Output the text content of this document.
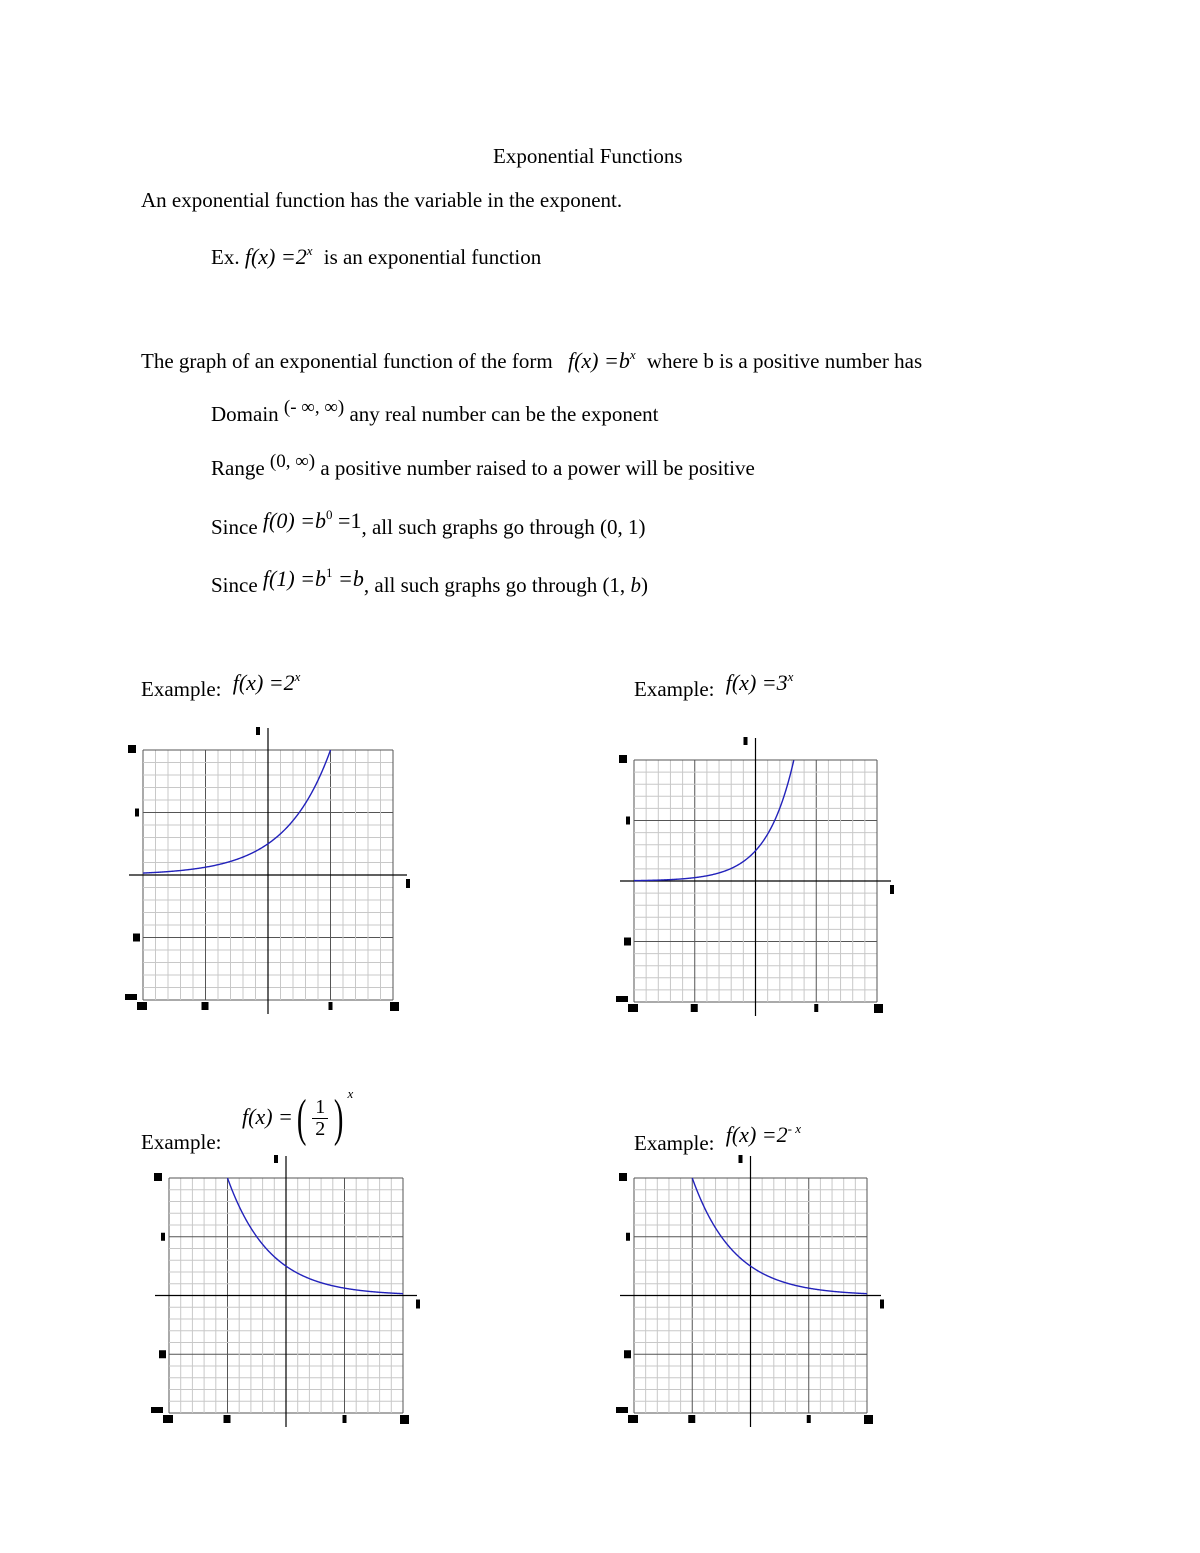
Exponential Functions
An exponential function has the variable in the exponent.
Ex. $f(x) =2^x$ is an exponential function
The graph of an exponential function of the form $f(x) =b^x$ where b is a positive number has
Domain (- ∞, ∞) any real number can be the exponent
Range (0, ∞) a positive number raised to a power will be positive
Since $f(0) =b^0 =1$, all such graphs go through (0, 1)
Since $f(1) =b^1 =b$, all such graphs go through (1, b)
Example: $f(x) =2^x$
Example: $f(x) =3^x$
Example:
f(x) =( $\frac{1}{2}$ ) $^x$
Example: $f(x) =2^{- x}$
